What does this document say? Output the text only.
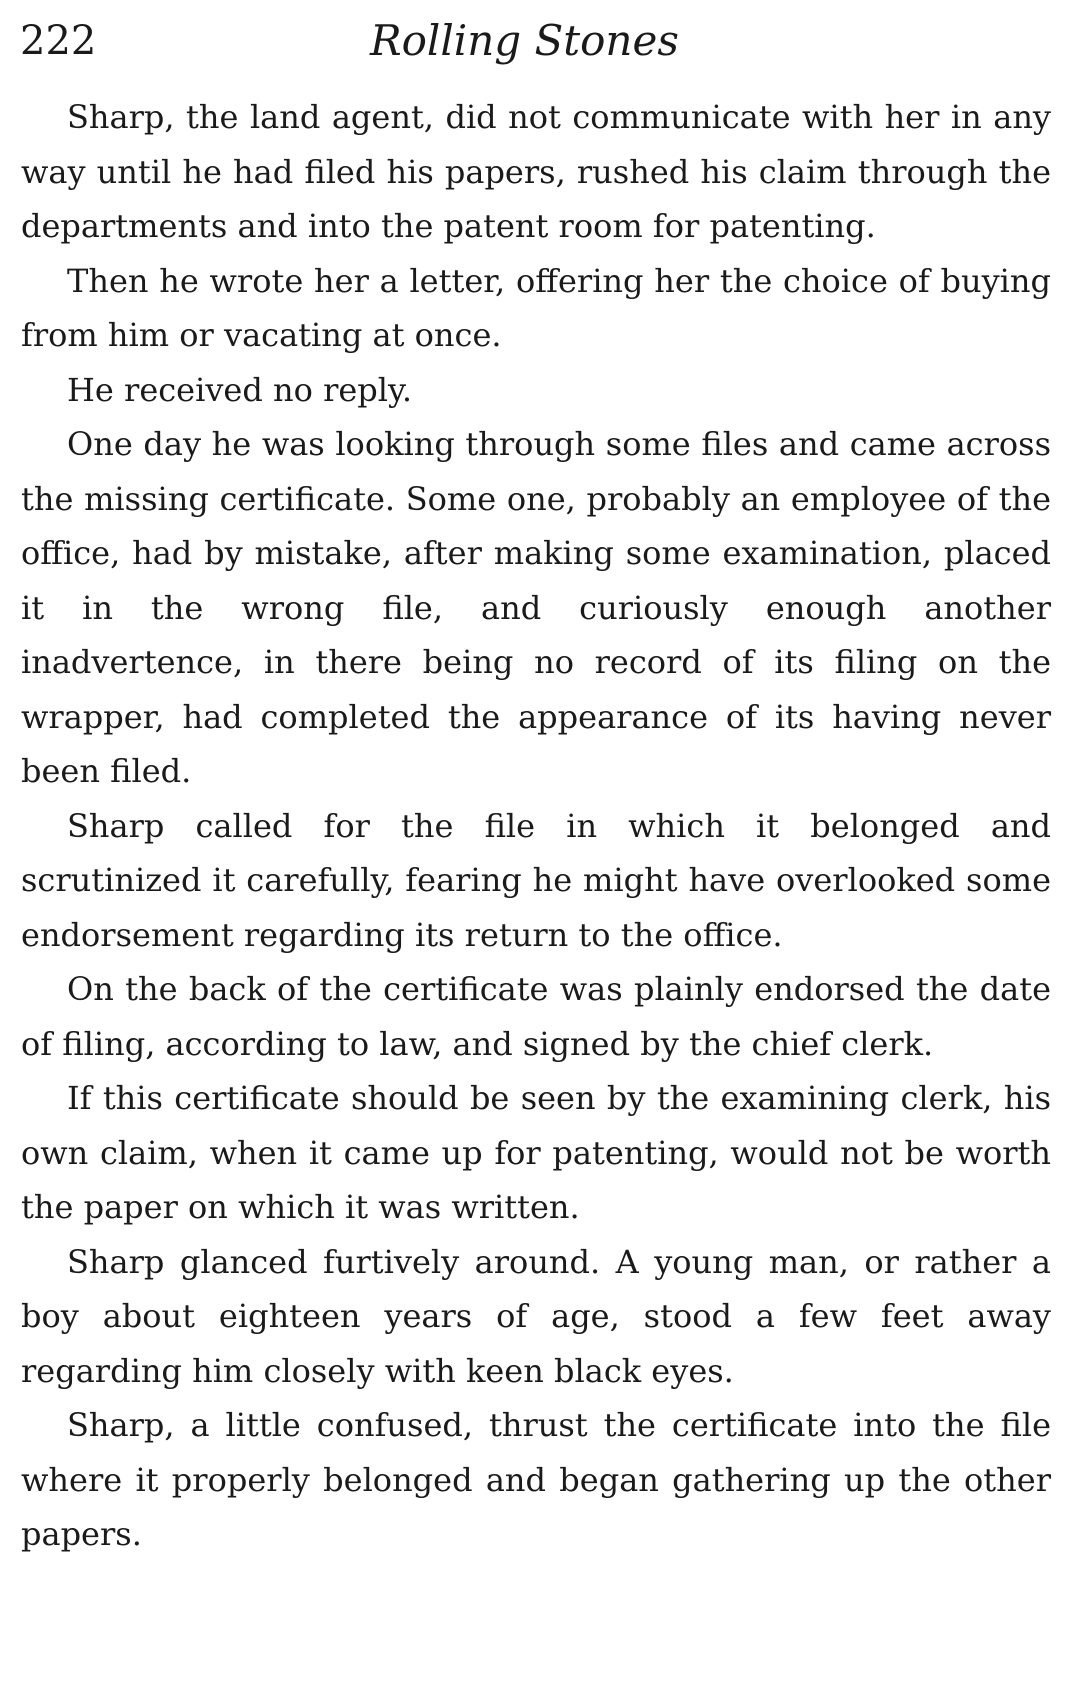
222	Rolling Stones

Sharp, the land agent, did not communicate with her in any way until he had filed his papers, rushed his claim through the departments and into the patent room for patenting.

Then he wrote her a letter, offering her the choice of buying from him or vacating at once.

He received no reply.

One day he was looking through some files and came across the missing certificate. Some one, probably an employee of the office, had by mistake, after making some examination, placed it in the wrong file, and curiously enough another inadvertence, in there being no record of its filing on the wrapper, had completed the appearance of its having never been filed.

Sharp called for the file in which it belonged and scrutinized it carefully, fearing he might have overlooked some endorsement regarding its return to the office.

On the back of the certificate was plainly endorsed the date of filing, according to law, and signed by the chief clerk.

If this certificate should be seen by the examining clerk, his own claim, when it came up for patenting, would not be worth the paper on which it was written.

Sharp glanced furtively around. A young man, or rather a boy about eighteen years of age, stood a few feet away regarding him closely with keen black eyes.

Sharp, a little confused, thrust the certificate into the file where it properly belonged and began gathering up the other papers.
